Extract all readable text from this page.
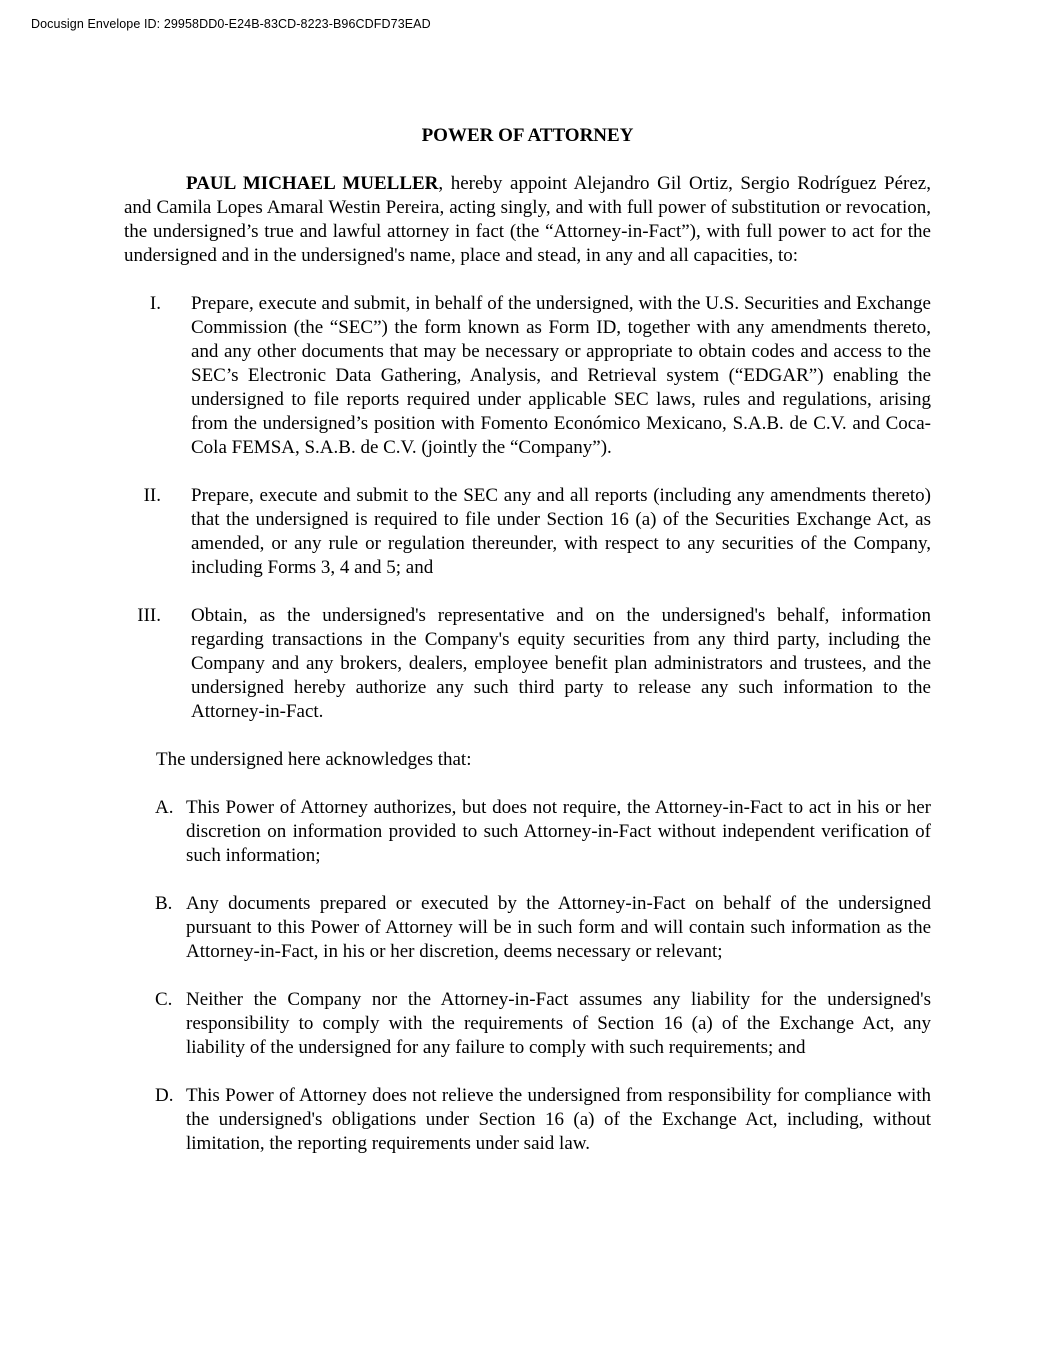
Docusign Envelope ID: 29958DD0-E24B-83CD-8223-B96CDFD73EAD
POWER OF ATTORNEY

PAUL MICHAEL MUELLER, hereby appoint Alejandro Gil Ortiz, Sergio Rodríguez Pérez, and Camila Lopes Amaral Westin Pereira, acting singly, and with full power of substitution or revocation, the undersigned’s true and lawful attorney in fact (the “Attorney-in-Fact”), with full power to act for the undersigned and in the undersigned's name, place and stead, in any and all capacities, to:

I. Prepare, execute and submit, in behalf of the undersigned, with the U.S. Securities and Exchange Commission (the “SEC”) the form known as Form ID, together with any amendments thereto, and any other documents that may be necessary or appropriate to obtain codes and access to the SEC’s Electronic Data Gathering, Analysis, and Retrieval system (“EDGAR”) enabling the undersigned to file reports required under applicable SEC laws, rules and regulations, arising from the undersigned’s position with Fomento Económico Mexicano, S.A.B. de C.V. and Coca-Cola FEMSA, S.A.B. de C.V. (jointly the “Company”).
II. Prepare, execute and submit to the SEC any and all reports (including any amendments thereto) that the undersigned is required to file under Section 16 (a) of the Securities Exchange Act, as amended, or any rule or regulation thereunder, with respect to any securities of the Company, including Forms 3, 4 and 5; and
III. Obtain, as the undersigned's representative and on the undersigned's behalf, information regarding transactions in the Company's equity securities from any third party, including the Company and any brokers, dealers, employee benefit plan administrators and trustees, and the undersigned hereby authorize any such third party to release any such information to the Attorney-in-Fact.

The undersigned here acknowledges that:

A. This Power of Attorney authorizes, but does not require, the Attorney-in-Fact to act in his or her discretion on information provided to such Attorney-in-Fact without independent verification of such information;
B. Any documents prepared or executed by the Attorney-in-Fact on behalf of the undersigned pursuant to this Power of Attorney will be in such form and will contain such information as the Attorney-in-Fact, in his or her discretion, deems necessary or relevant;
C. Neither the Company nor the Attorney-in-Fact assumes any liability for the undersigned's responsibility to comply with the requirements of Section 16 (a) of the Exchange Act, any liability of the undersigned for any failure to comply with such requirements; and
D. This Power of Attorney does not relieve the undersigned from responsibility for compliance with the undersigned's obligations under Section 16 (a) of the Exchange Act, including, without limitation, the reporting requirements under said law.
